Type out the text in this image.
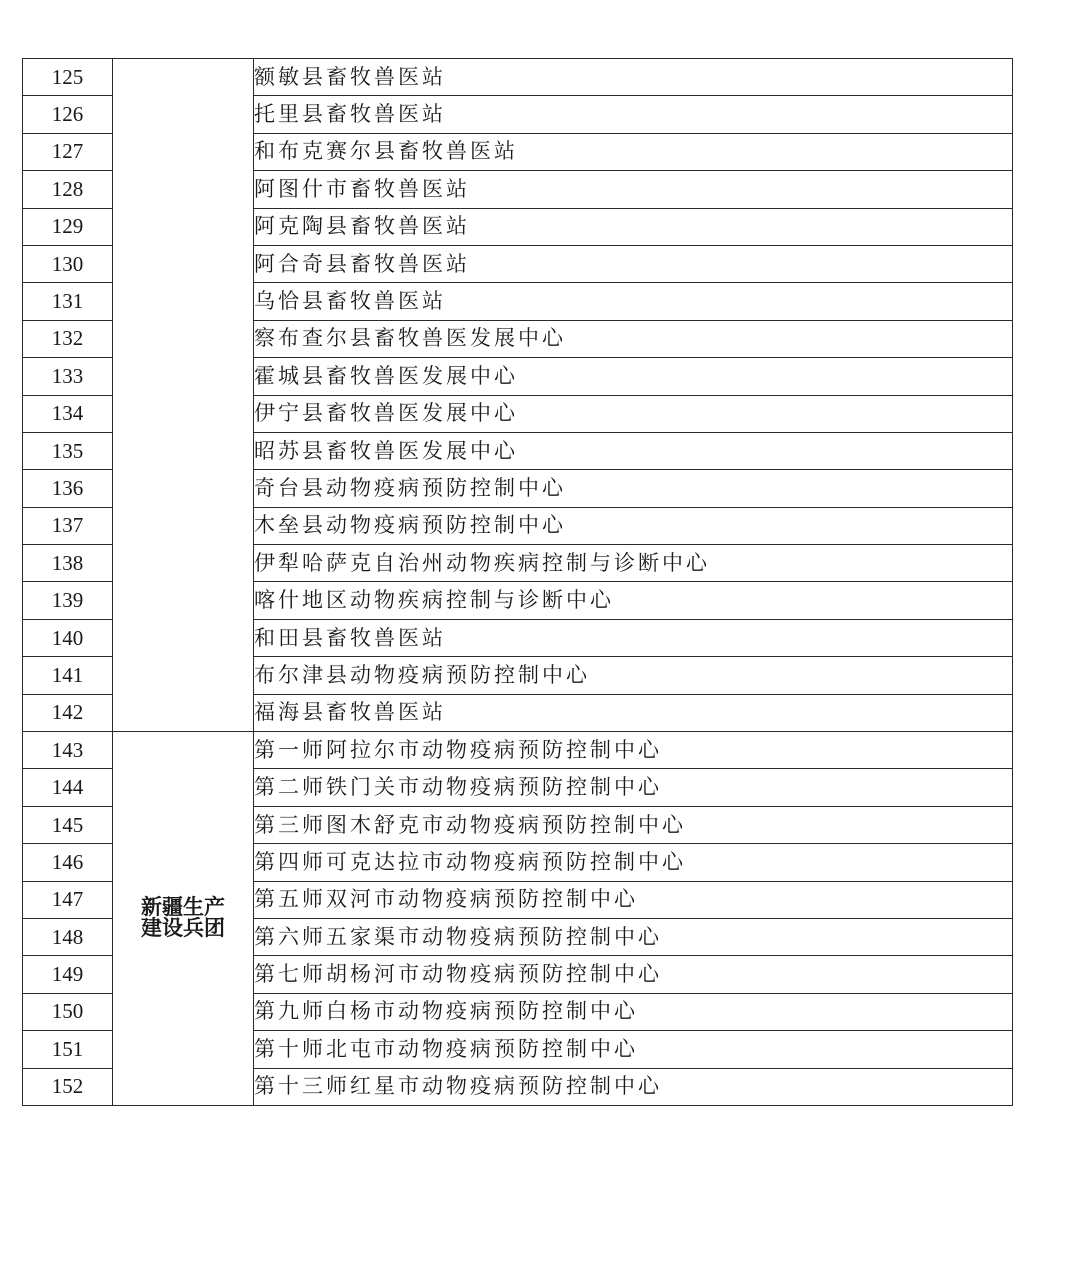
125		额敏县畜牧兽医站
126		托里县畜牧兽医站
127		和布克赛尔县畜牧兽医站
128		阿图什市畜牧兽医站
129		阿克陶县畜牧兽医站
130		阿合奇县畜牧兽医站
131		乌恰县畜牧兽医站
132		察布查尔县畜牧兽医发展中心
133		霍城县畜牧兽医发展中心
134		伊宁县畜牧兽医发展中心
135		昭苏县畜牧兽医发展中心
136		奇台县动物疫病预防控制中心
137		木垒县动物疫病预防控制中心
138		伊犁哈萨克自治州动物疾病控制与诊断中心
139		喀什地区动物疾病控制与诊断中心
140		和田县畜牧兽医站
141		布尔津县动物疫病预防控制中心
142		福海县畜牧兽医站
143	新疆生产
建设兵团	第一师阿拉尔市动物疫病预防控制中心
144		第二师铁门关市动物疫病预防控制中心
145		第三师图木舒克市动物疫病预防控制中心
146		第四师可克达拉市动物疫病预防控制中心
147		第五师双河市动物疫病预防控制中心
148		第六师五家渠市动物疫病预防控制中心
149		第七师胡杨河市动物疫病预防控制中心
150		第九师白杨市动物疫病预防控制中心
151		第十师北屯市动物疫病预防控制中心
152		第十三师红星市动物疫病预防控制中心
